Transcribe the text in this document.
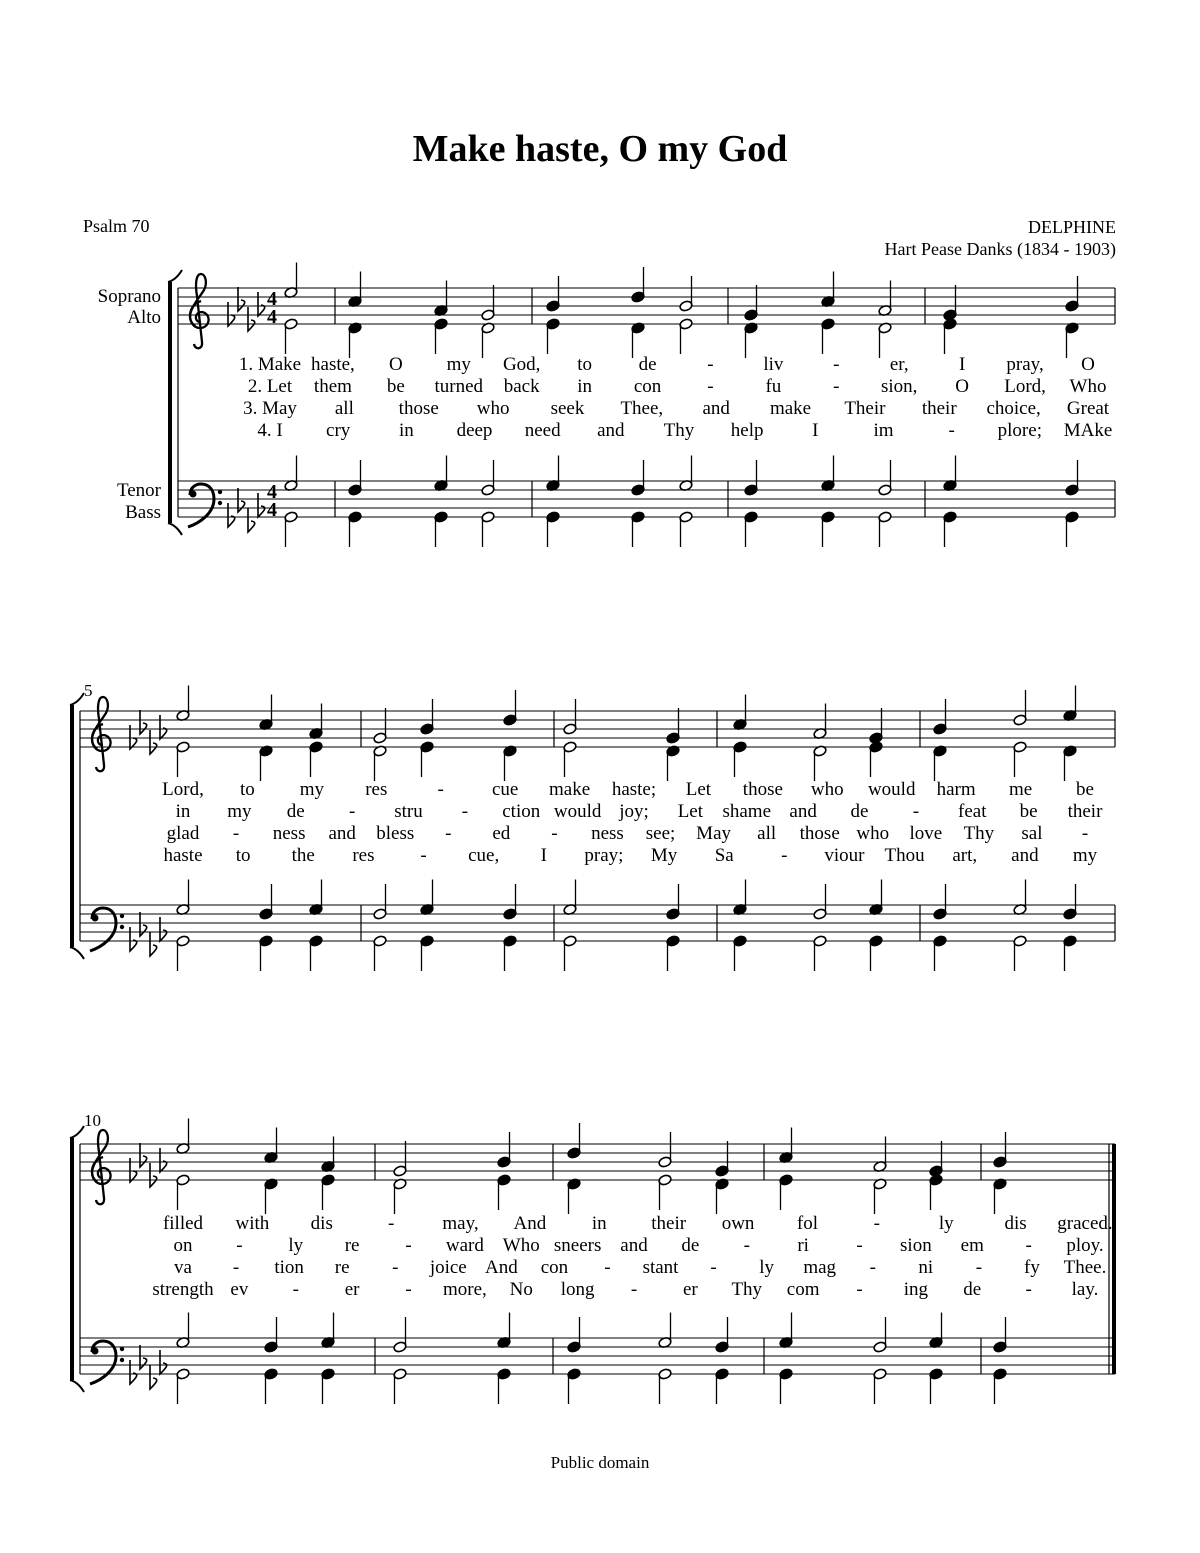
Make haste, O my God
Psalm 70	DELPHINE
Hart Pease Danks (1834 - 1903)
4
4
4
4
Soprano
Alto
Tenor
Bass
1. Make haste, O my God, to de	-	liv	-	er,	I pray, O
2. Let them be turned back in con -	fu	- sion, O Lord, Who
3. May all those who seek Thee, and make Their their choice, Great
4. I cry	in deep need and Thy help	I	im	- plore; MAke
5
Lord, to my res	-	cue make haste; Let those who would harm me be
in my de - stru - ction would joy; Let shame and de - feat be their
glad - ness and bless - ed - ness see; May all those who love Thy sal -
haste to the res - cue, I pray; My Sa - viour Thou art, and my
10
filled with dis	-	may, And in their own fol	-	ly	dis graced.
on - ly re - ward Who sneers and de - ri - sion em - ploy.
va - tion re - joice And con - stant - ly mag - ni - fy Thee.
strength ev - er - more, No long - er Thy com - ing de - lay.
Public domain
